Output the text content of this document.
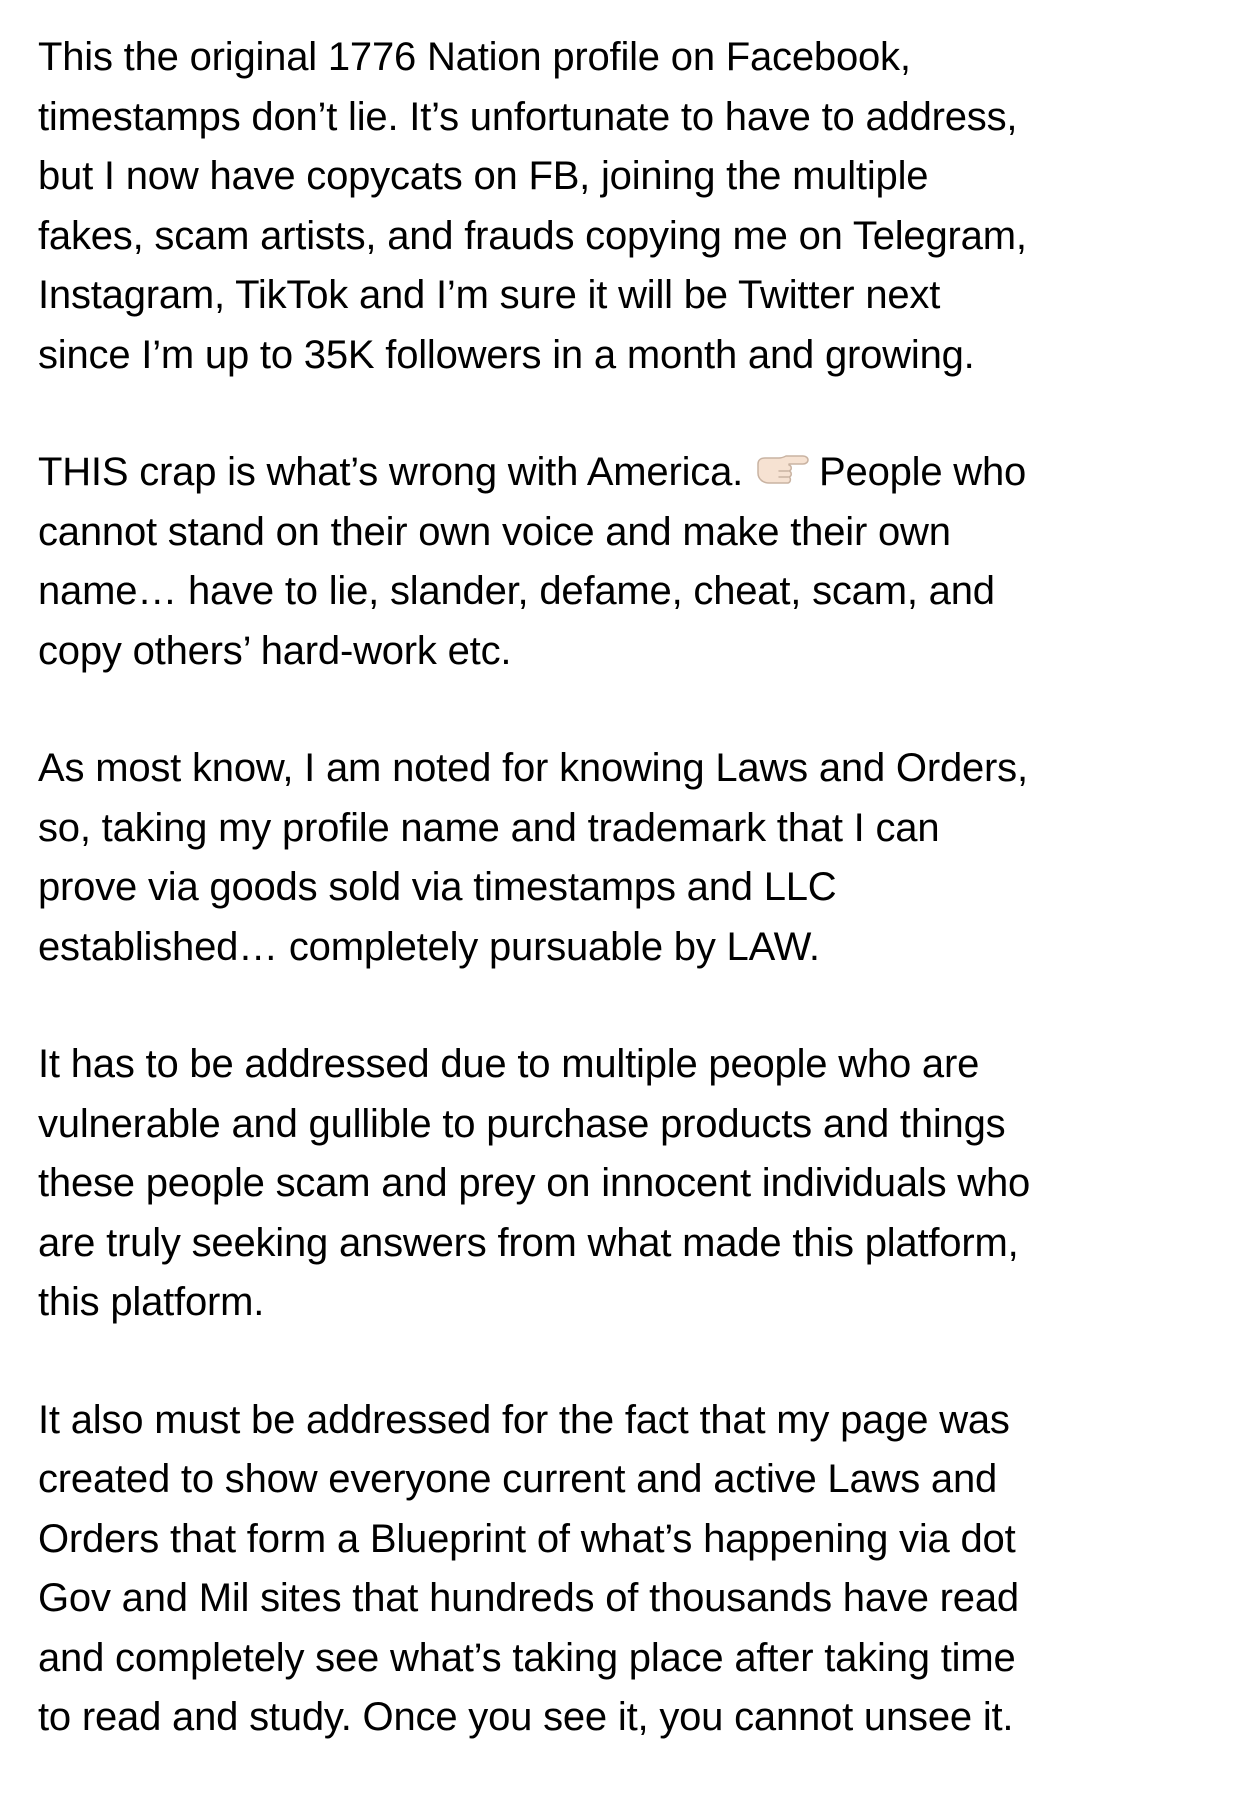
This the original 1776 Nation profile on Facebook,
timestamps don’t lie. It’s unfortunate to have to address,
but I now have copycats on FB, joining the multiple
fakes, scam artists, and frauds copying me on Telegram,
Instagram, TikTok and I’m sure it will be Twitter next
since I’m up to 35K followers in a month and growing.

THIS crap is what’s wrong with America. People who
cannot stand on their own voice and make their own
name… have to lie, slander, defame, cheat, scam, and
copy others’ hard-work etc.

As most know, I am noted for knowing Laws and Orders,
so, taking my profile name and trademark that I can
prove via goods sold via timestamps and LLC
established… completely pursuable by LAW.

It has to be addressed due to multiple people who are
vulnerable and gullible to purchase products and things
these people scam and prey on innocent individuals who
are truly seeking answers from what made this platform,
this platform.

It also must be addressed for the fact that my page was
created to show everyone current and active Laws and
Orders that form a Blueprint of what’s happening via dot
Gov and Mil sites that hundreds of thousands have read
and completely see what’s taking place after taking time
to read and study. Once you see it, you cannot unsee it.
